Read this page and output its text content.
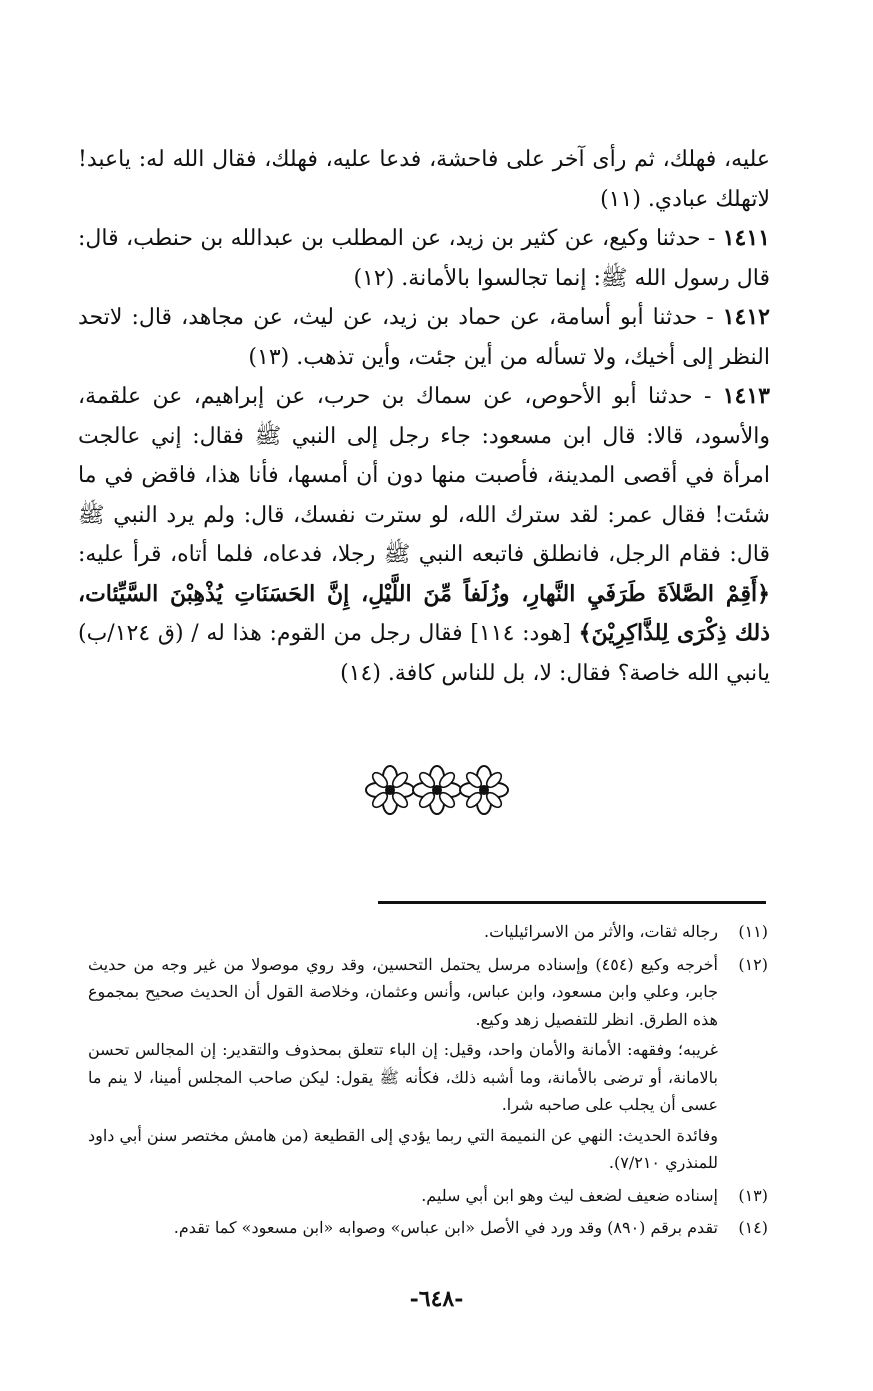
عليه، فهلك، ثم رأى آخر على فاحشة، فدعا عليه، فهلك، فقال الله له: ياعبد! لاتهلك عبادي. (١١)

١٤١١ - حدثنا وكيع، عن كثير بن زيد، عن المطلب بن عبدالله بن حنطب، قال: قال رسول الله ﷺ: إنما تجالسوا بالأمانة. (١٢)

١٤١٢ - حدثنا أبو أسامة، عن حماد بن زيد، عن ليث، عن مجاهد، قال: لاتحد النظر إلى أخيك، ولا تسأله من أين جئت، وأين تذهب. (١٣)

١٤١٣ - حدثنا أبو الأحوص، عن سماك بن حرب، عن إبراهيم، عن علقمة، والأسود، قالا: قال ابن مسعود: جاء رجل إلى النبي ﷺ فقال: إني عالجت امرأة في أقصى المدينة، فأصبت منها دون أن أمسها، فأنا هذا، فاقض في ما شئت! فقال عمر: لقد سترك الله، لو سترت نفسك، قال: ولم يرد النبي ﷺ قال: فقام الرجل، فانطلق فاتبعه النبي ﷺ رجلا، فدعاه، فلما أتاه، قرأ عليه: ﴿أَقِمْ الصَّلاَةَ طَرَفَيِ النَّهارِ، وزُلَفاً مِّنَ اللَّيْلِ، إِنَّ الحَسَنَاتِ يُذْهِبْنَ السَّيِّئات، ذلك ذِكْرَى لِلذَّاكِرِيْنَ﴾ [هود: ١١٤] فقال رجل من القوم: هذا له / (ق ١٢٤/ب) يانبي الله خاصة؟ فقال: لا، بل للناس كافة. (١٤)

(١١)

رجاله ثقات، والأثر من الاسرائيليات.

(١٢)

أخرجه وكيع (٤٥٤) وإسناده مرسل يحتمل التحسين، وقد روي موصولا من غير وجه من حديث جابر، وعلي وابن مسعود، وابن عباس، وأنس وعثمان، وخلاصة القول أن الحديث صحيح بمجموع هذه الطرق. انظر للتفصيل زهد وكيع.

غريبه؛ وفقهه: الأمانة والأمان واحد، وقيل: إن الباء تتعلق بمحذوف والتقدير: إن المجالس تحسن بالامانة، أو ترضى بالأمانة، وما أشبه ذلك، فكأنه ﷺ يقول: ليكن صاحب المجلس أمينا، لا ينم ما عسى أن يجلب على صاحبه شرا.

وفائدة الحديث: النهي عن النميمة التي ربما يؤدي إلى القطيعة (من هامش مختصر سنن أبي داود للمنذري ٧/٢١٠).

(١٣)

إسناده ضعيف لضعف ليث وهو ابن أبي سليم.

(١٤)

تقدم برقم (٨٩٠) وقد ورد في الأصل «ابن عباس» وصوابه «ابن مسعود» كما تقدم.

-٦٤٨-
